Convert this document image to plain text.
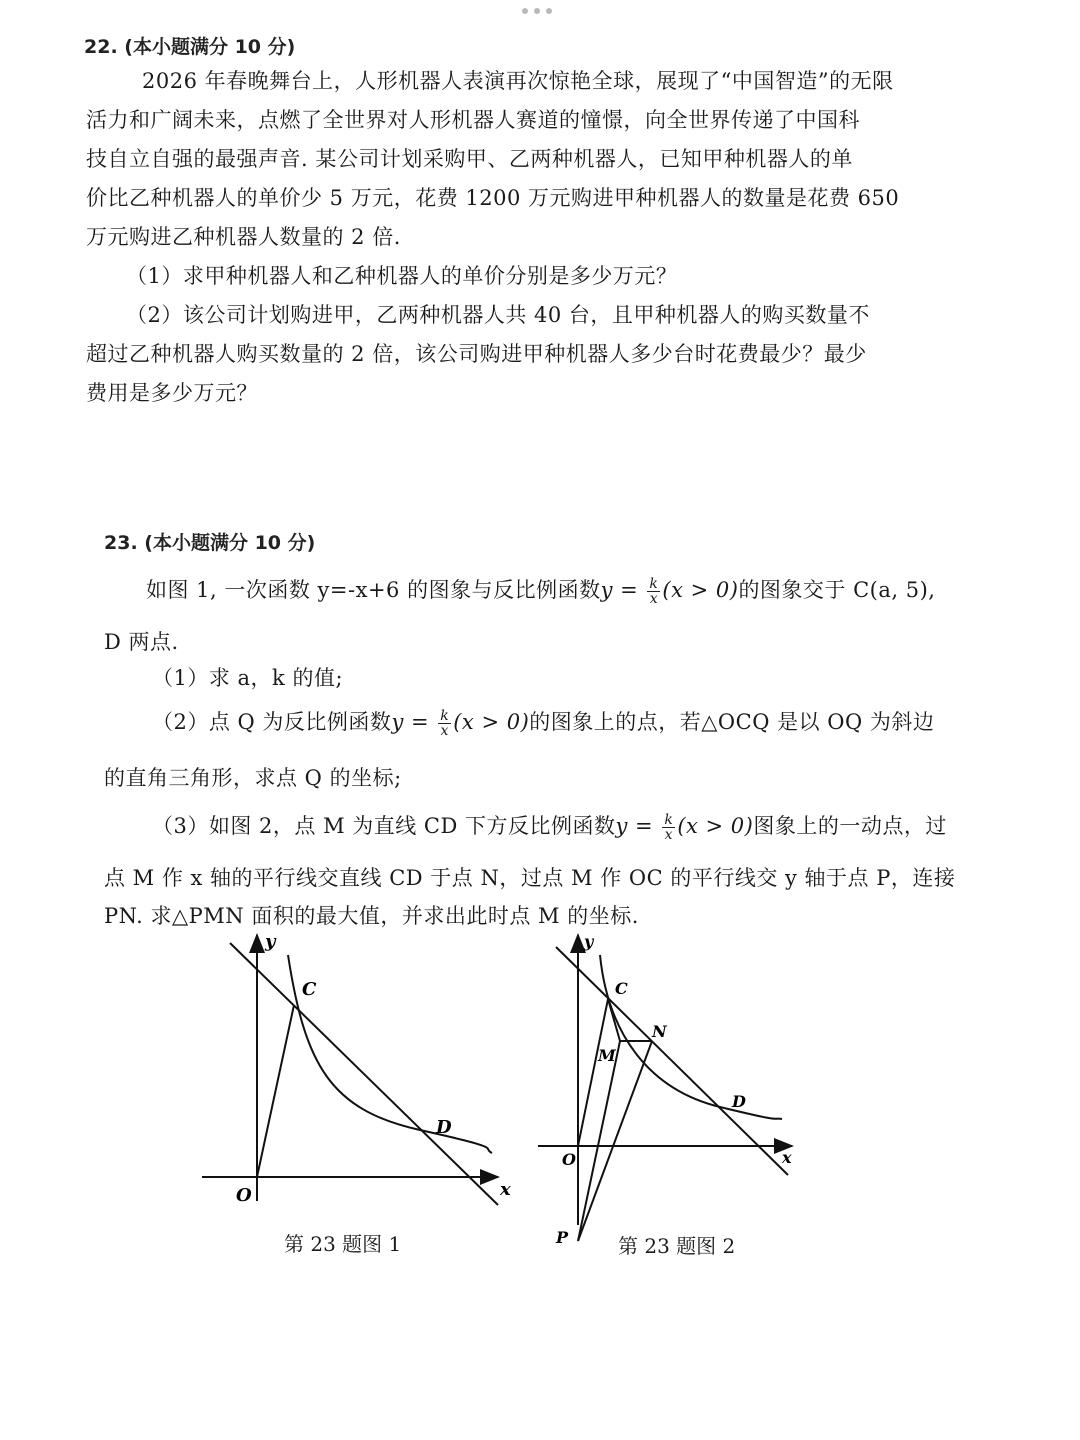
22. (本小题满分 10 分)
2026 年春晚舞台上，人形机器人表演再次惊艳全球，展现了“中国智造”的无限
活力和广阔未来，点燃了全世界对人形机器人赛道的憧憬，向全世界传递了中国科
技自立自强的最强声音. 某公司计划采购甲、乙两种机器人，已知甲种机器人的单
价比乙种机器人的单价少 5 万元，花费 1200 万元购进甲种机器人的数量是花费 650
万元购进乙种机器人数量的 2 倍.
（1）求甲种机器人和乙种机器人的单价分别是多少万元？
（2）该公司计划购进甲，乙两种机器人共 40 台，且甲种机器人的购买数量不
超过乙种机器人购买数量的 2 倍，该公司购进甲种机器人多少台时花费最少？最少
费用是多少万元？
23. (本小题满分 10 分)
如图 1, 一次函数 y=-x+6 的图象与反比例函数$y = \frac{k}{x} (x > 0)$的图象交于 C(a, 5),
D 两点.
（1）求 a，k 的值;
（2）点 Q 为反比例函数$y = \frac{k}{x} (x > 0)$的图象上的点，若△OCQ 是以 OQ 为斜边
的直角三角形，求点 Q 的坐标;
（3）如图 2，点 M 为直线 CD 下方反比例函数$y = \frac{k}{x} (x > 0)$图象上的一动点，过
点 M 作 x 轴的平行线交直线 CD 于点 N，过点 M 作 OC 的平行线交 y 轴于点 P，连接
PN. 求△PMN 面积的最大值，并求出此时点 M 的坐标.
y
x
O
C
D
第 23 题图 1
y
x
O
C
D
M
N
P 第 23 题图 2
